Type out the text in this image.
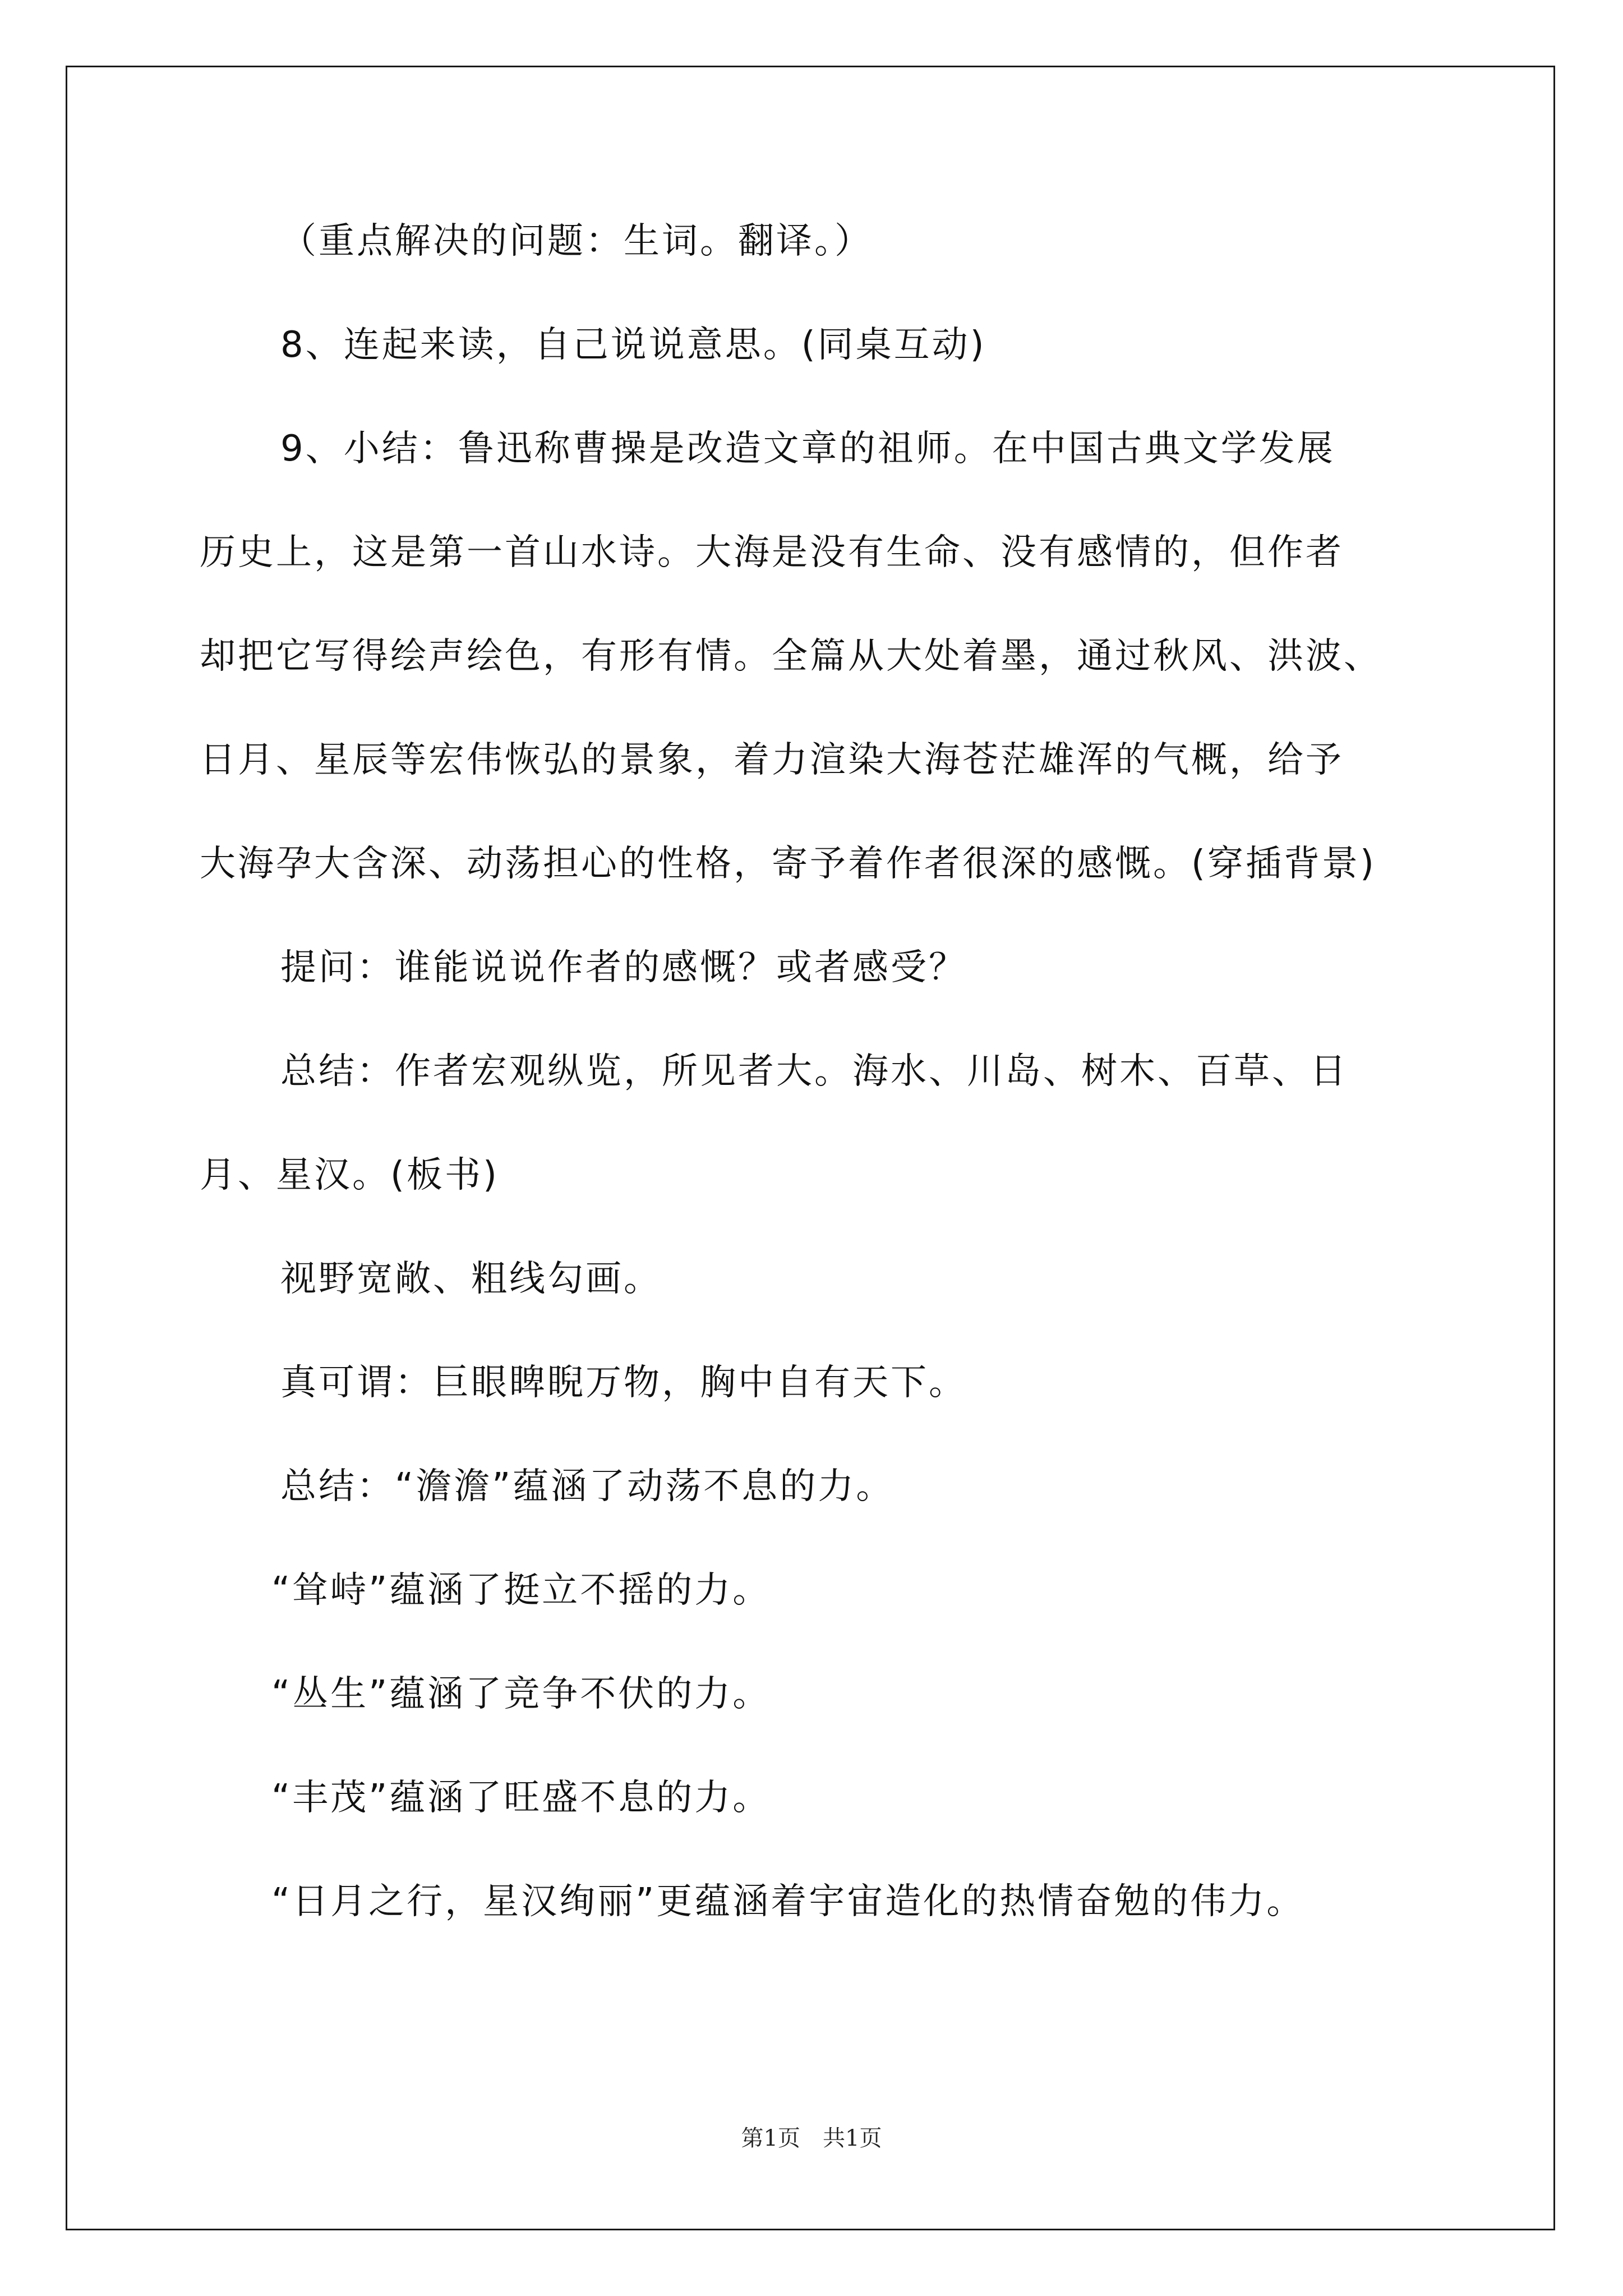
（重点解决的问题：生词。翻译。）
8、连起来读，自己说说意思。(同桌互动)
9、小结：鲁迅称曹操是改造文章的祖师。在中国古典文学发展
历史上，这是第一首山水诗。大海是没有生命、没有感情的，但作者
却把它写得绘声绘色，有形有情。全篇从大处着墨，通过秋风、洪波、
日月、星辰等宏伟恢弘的景象，着力渲染大海苍茫雄浑的气概，给予
大海孕大含深、动荡担心的性格，寄予着作者很深的感慨。(穿插背景)
提问：谁能说说作者的感慨？或者感受？
总结：作者宏观纵览，所见者大。海水、川岛、树木、百草、日
月、星汉。(板书)
视野宽敞、粗线勾画。
真可谓：巨眼睥睨万物，胸中自有天下。
总结：“澹澹”蕴涵了动荡不息的力。
“耸峙”蕴涵了挺立不摇的力。
“丛生”蕴涵了竞争不伏的力。
“丰茂”蕴涵了旺盛不息的力。
“日月之行，星汉绚丽”更蕴涵着宇宙造化的热情奋勉的伟力。
第1页　共1页
